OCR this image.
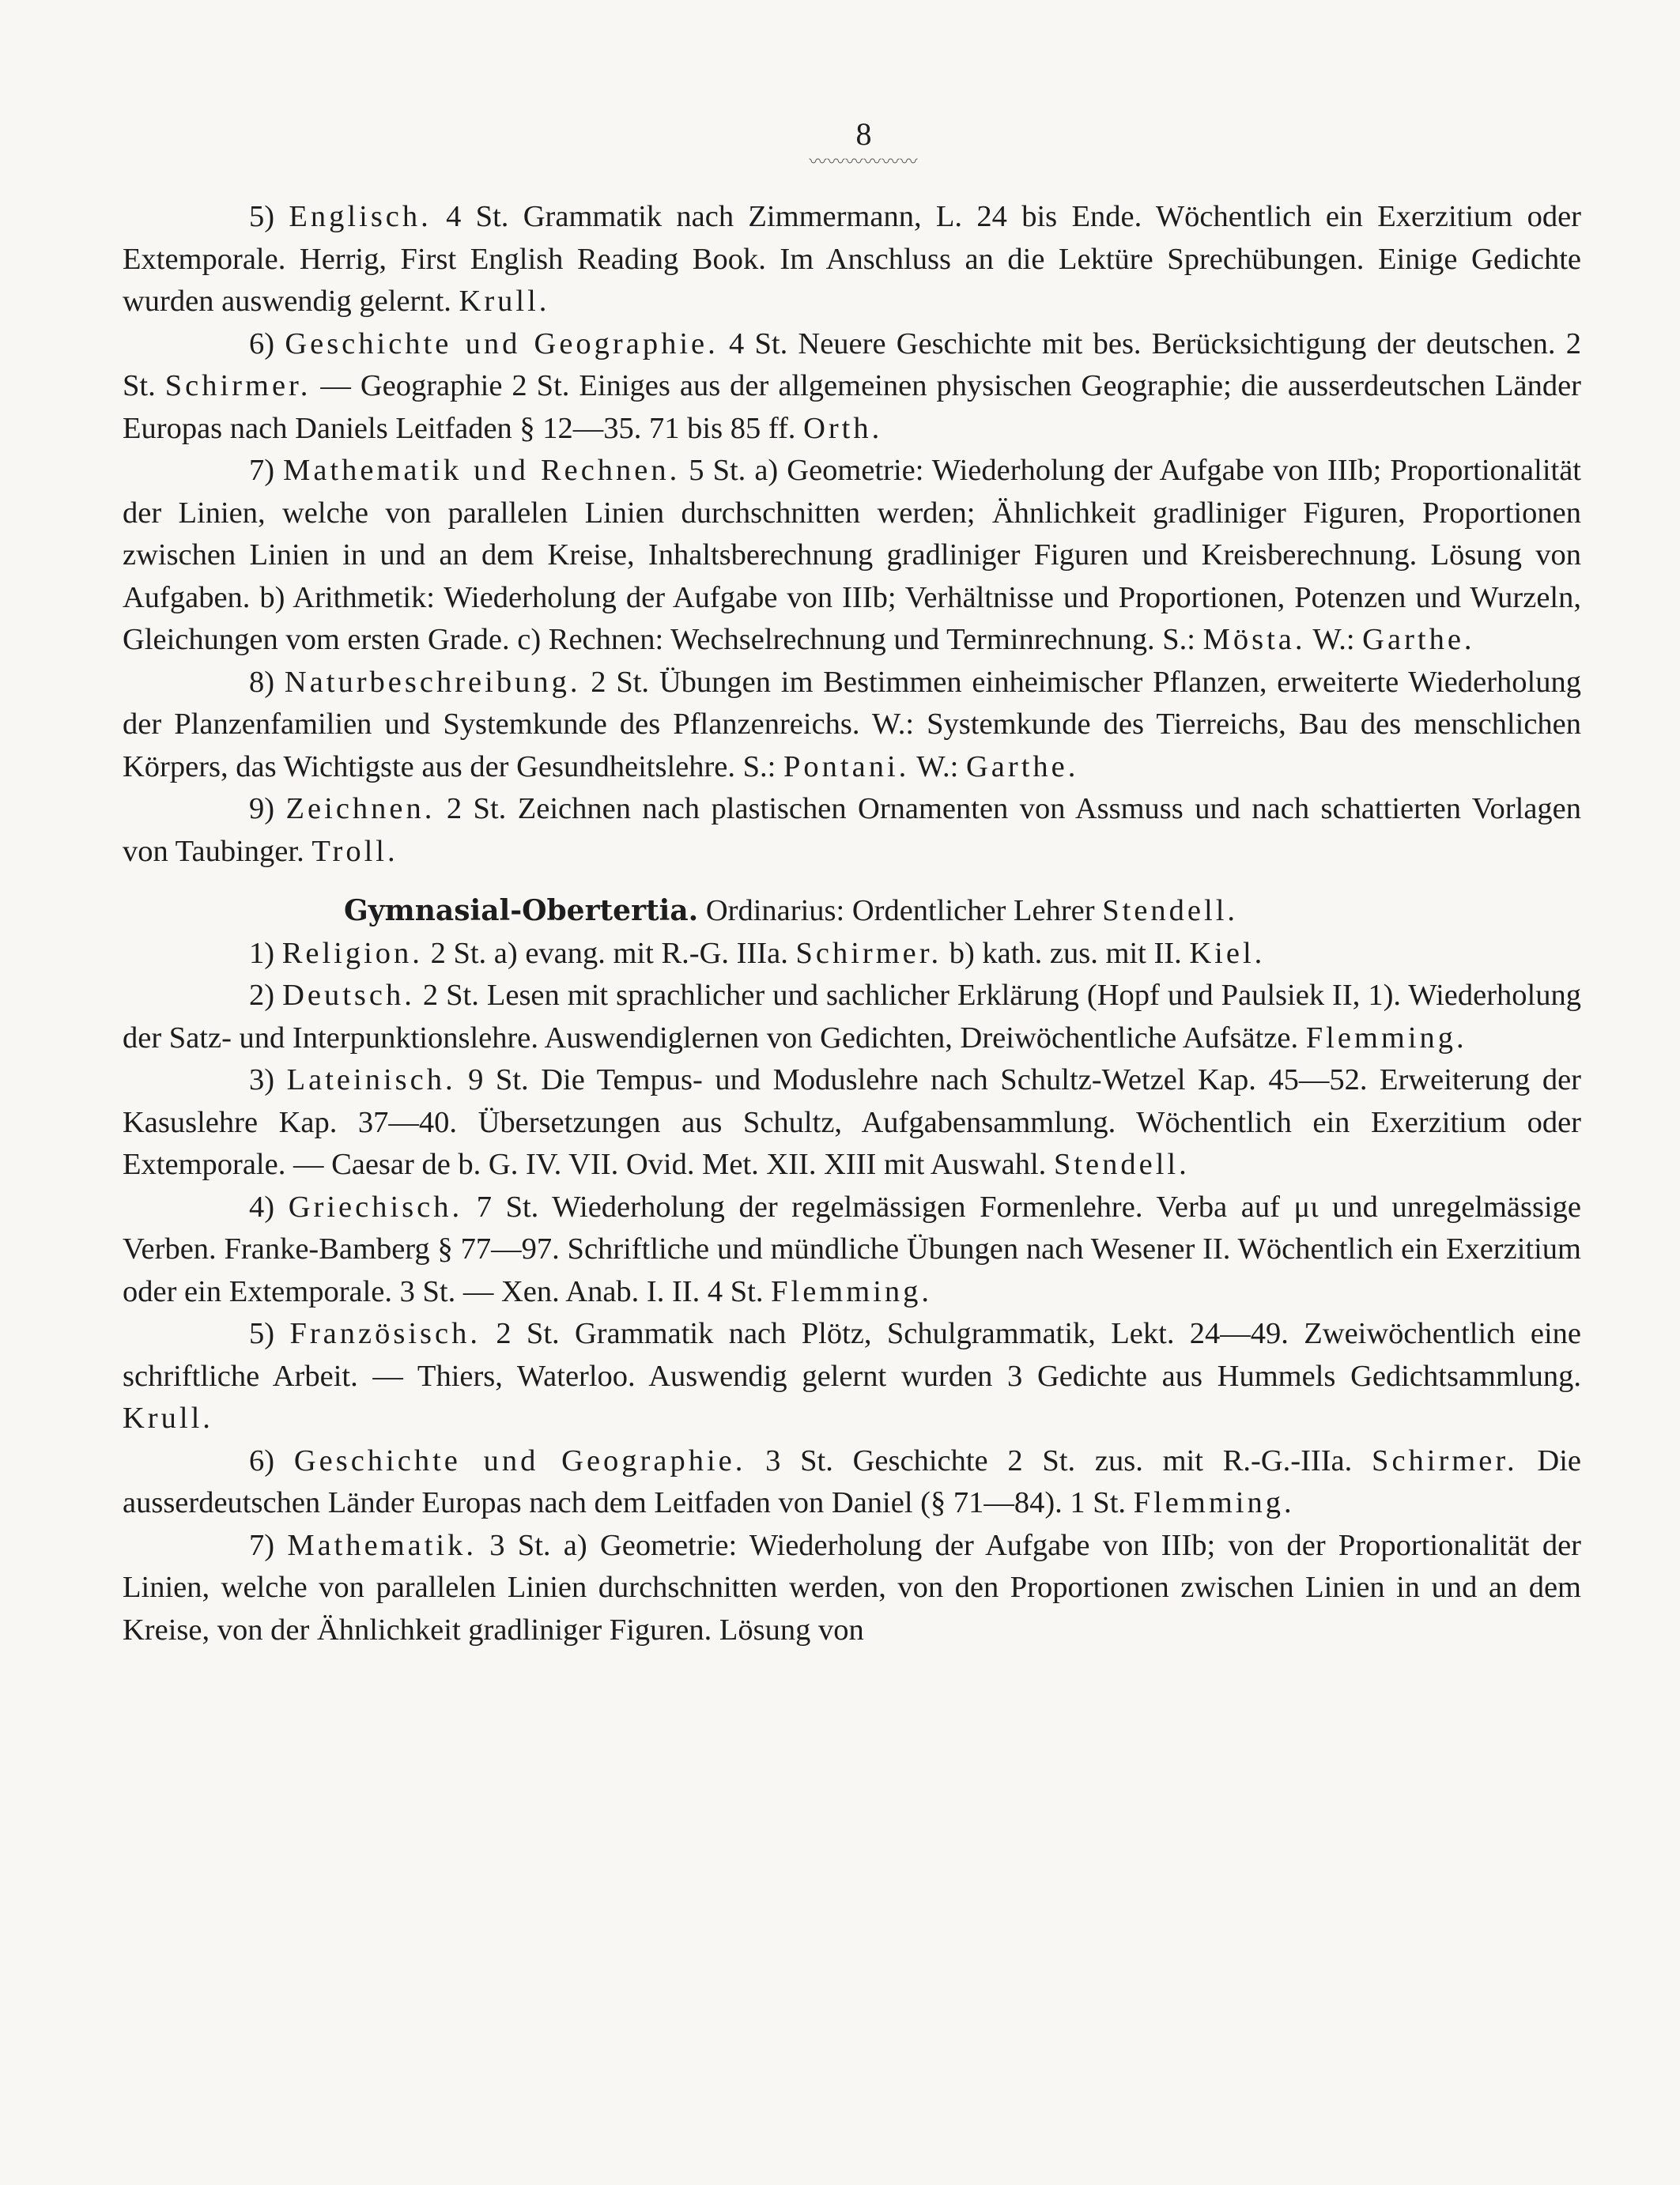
8
〰〰〰〰〰〰

5) Englisch. 4 St. Grammatik nach Zimmermann, L. 24 bis Ende. Wöchentlich ein Exerzitium oder Extemporale. Herrig, First English Reading Book. Im Anschluss an die Lektüre Sprechübungen. Einige Gedichte wurden auswendig gelernt. Krull.

6) Geschichte und Geographie. 4 St. Neuere Geschichte mit bes. Berücksichtigung der deutschen. 2 St. Schirmer. — Geographie 2 St. Einiges aus der allgemeinen physischen Geographie; die ausserdeutschen Länder Europas nach Daniels Leitfaden § 12—35. 71 bis 85 ff. Orth.

7) Mathematik und Rechnen. 5 St. a) Geometrie: Wiederholung der Aufgabe von IIIb; Proportionalität der Linien, welche von parallelen Linien durchschnitten werden; Ähnlichkeit gradliniger Figuren, Proportionen zwischen Linien in und an dem Kreise, Inhaltsberechnung gradliniger Figuren und Kreisberechnung. Lösung von Aufgaben. b) Arithmetik: Wiederholung der Aufgabe von IIIb; Verhältnisse und Proportionen, Potenzen und Wurzeln, Gleichungen vom ersten Grade. c) Rechnen: Wechselrechnung und Terminrechnung. S.: Mösta. W.: Garthe.

8) Naturbeschreibung. 2 St. Übungen im Bestimmen einheimischer Pflanzen, erweiterte Wiederholung der Planzenfamilien und Systemkunde des Pflanzenreichs. W.: Systemkunde des Tierreichs, Bau des menschlichen Körpers, das Wichtigste aus der Gesundheitslehre. S.: Pontani. W.: Garthe.

9) Zeichnen. 2 St. Zeichnen nach plastischen Ornamenten von Assmuss und nach schattierten Vorlagen von Taubinger. Troll.

Gymnasial-Obertertia. Ordinarius: Ordentlicher Lehrer Stendell.

1) Religion. 2 St. a) evang. mit R.-G. IIIa. Schirmer. b) kath. zus. mit II. Kiel.

2) Deutsch. 2 St. Lesen mit sprachlicher und sachlicher Erklärung (Hopf und Paulsiek II, 1). Wiederholung der Satz- und Interpunktionslehre. Auswendiglernen von Gedichten, Dreiwöchentliche Aufsätze. Flemming.

3) Lateinisch. 9 St. Die Tempus- und Moduslehre nach Schultz-Wetzel Kap. 45—52. Erweiterung der Kasuslehre Kap. 37—40. Übersetzungen aus Schultz, Aufgabensammlung. Wöchentlich ein Exerzitium oder Extemporale. — Caesar de b. G. IV. VII. Ovid. Met. XII. XIII mit Auswahl. Stendell.

4) Griechisch. 7 St. Wiederholung der regelmässigen Formenlehre. Verba auf μι und unregelmässige Verben. Franke-Bamberg § 77—97. Schriftliche und mündliche Übungen nach Wesener II. Wöchentlich ein Exerzitium oder ein Extemporale. 3 St. — Xen. Anab. I. II. 4 St. Flemming.

5) Französisch. 2 St. Grammatik nach Plötz, Schulgrammatik, Lekt. 24—49. Zweiwöchentlich eine schriftliche Arbeit. — Thiers, Waterloo. Auswendig gelernt wurden 3 Gedichte aus Hummels Gedichtsammlung. Krull.

6) Geschichte und Geographie. 3 St. Geschichte 2 St. zus. mit R.-G.-IIIa. Schirmer. Die ausserdeutschen Länder Europas nach dem Leitfaden von Daniel (§ 71—84). 1 St. Flemming.

7) Mathematik. 3 St. a) Geometrie: Wiederholung der Aufgabe von IIIb; von der Proportionalität der Linien, welche von parallelen Linien durchschnitten werden, von den Proportionen zwischen Linien in und an dem Kreise, von der Ähnlichkeit gradliniger Figuren. Lösung von
